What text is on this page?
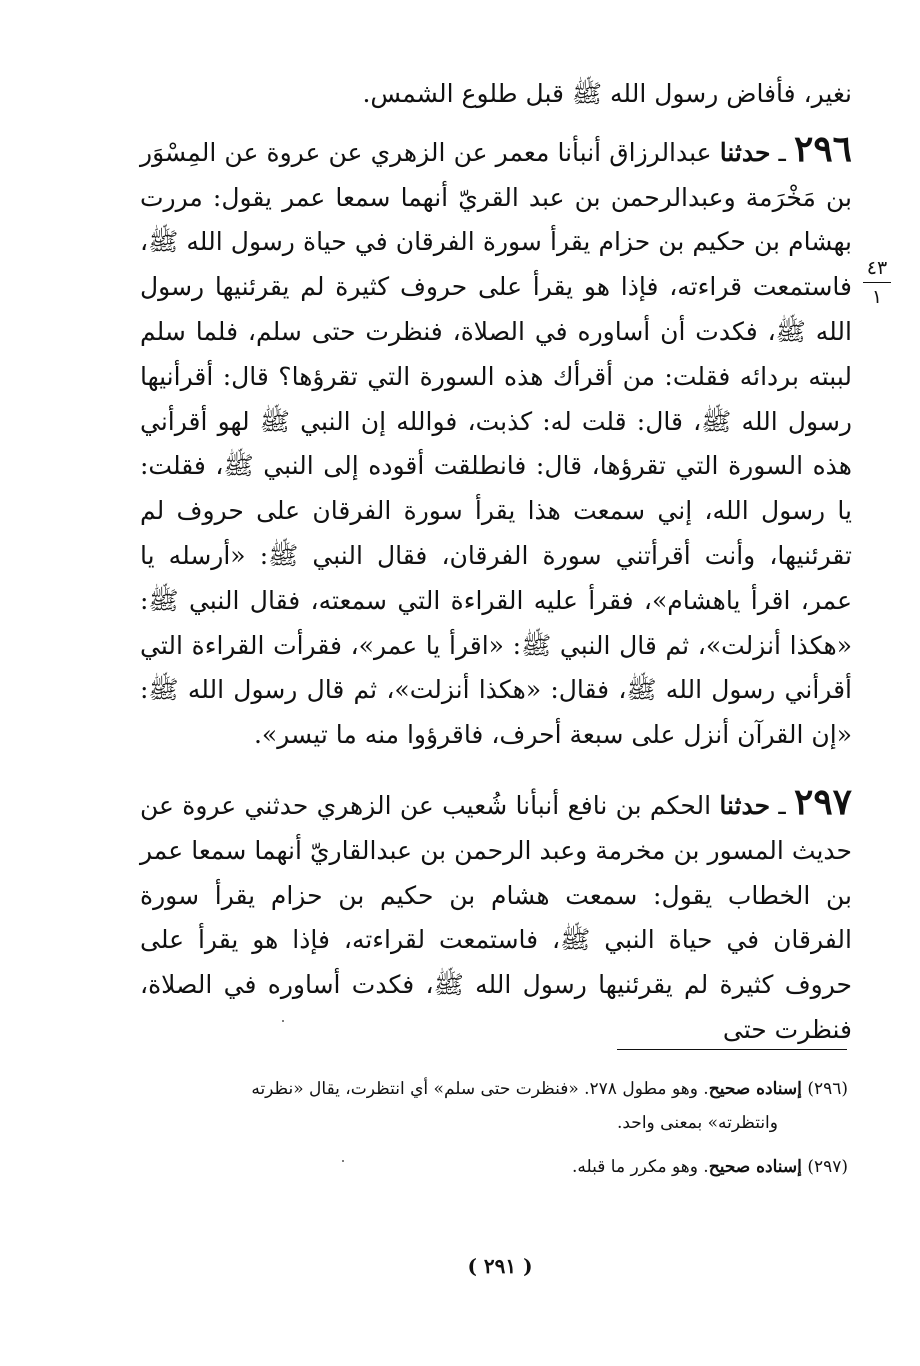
نغير، فأفاض رسول الله ﷺ قبل طلوع الشمس.

٢٩٦ ـ حدثنا عبدالرزاق أنبأنا معمر عن الزهري عن عروة عن المِسْوَر بن مَخْرَمة وعبدالرحمن بن عبد القريّ أنهما سمعا عمر يقول: مررت بهشام بن حكيم بن حزام يقرأ سورة الفرقان في حياة رسول الله ﷺ، فاستمعت قراءته، فإذا هو يقرأ على حروف كثيرة لم يقرئنيها رسول الله ﷺ، فكدت أن أساوره في الصلاة، فنظرت حتى سلم، فلما سلم لببته بردائه فقلت: من أقرأك هذه السورة التي تقرؤها؟ قال: أقرأنيها رسول الله ﷺ، قال: قلت له: كذبت، فوالله إن النبي ﷺ لهو أقرأني هذه السورة التي تقرؤها، قال: فانطلقت أقوده إلى النبي ﷺ، فقلت: يا رسول الله، إني سمعت هذا يقرأ سورة الفرقان على حروف لم تقرئنيها، وأنت أقرأتني سورة الفرقان، فقال النبي ﷺ: «أرسله يا عمر، اقرأ ياهشام»، فقرأ عليه القراءة التي سمعته، فقال النبي ﷺ: «هكذا أنزلت»، ثم قال النبي ﷺ: «اقرأ يا عمر»، فقرأت القراءة التي أقرأني رسول الله ﷺ، فقال: «هكذا أنزلت»، ثم قال رسول الله ﷺ: «إن القرآن أنزل على سبعة أحرف، فاقرؤوا منه ما تيسر».

٢٩٧ ـ حدثنا الحكم بن نافع أنبأنا شُعيب عن الزهري حدثني عروة عن حديث المسور بن مخرمة وعبد الرحمن بن عبدالقاريّ أنهما سمعا عمر بن الخطاب يقول: سمعت هشام بن حكيم بن حزام يقرأ سورة الفرقان في حياة النبي ﷺ، فاستمعت لقراءته، فإذا هو يقرأ على حروف كثيرة لم يقرئنيها رسول الله ﷺ، فكدت أساوره في الصلاة، فنظرت حتى

٤٣
١

(٢٩٦) إسناده صحيح. وهو مطول ٢٧٨. «فنظرت حتى سلم» أي انتظرت، يقال «نظرته

وانتظرته» بمعنى واحد.

(٢٩٧) إسناده صحيح. وهو مكرر ما قبله.

( ٢٩١ )
